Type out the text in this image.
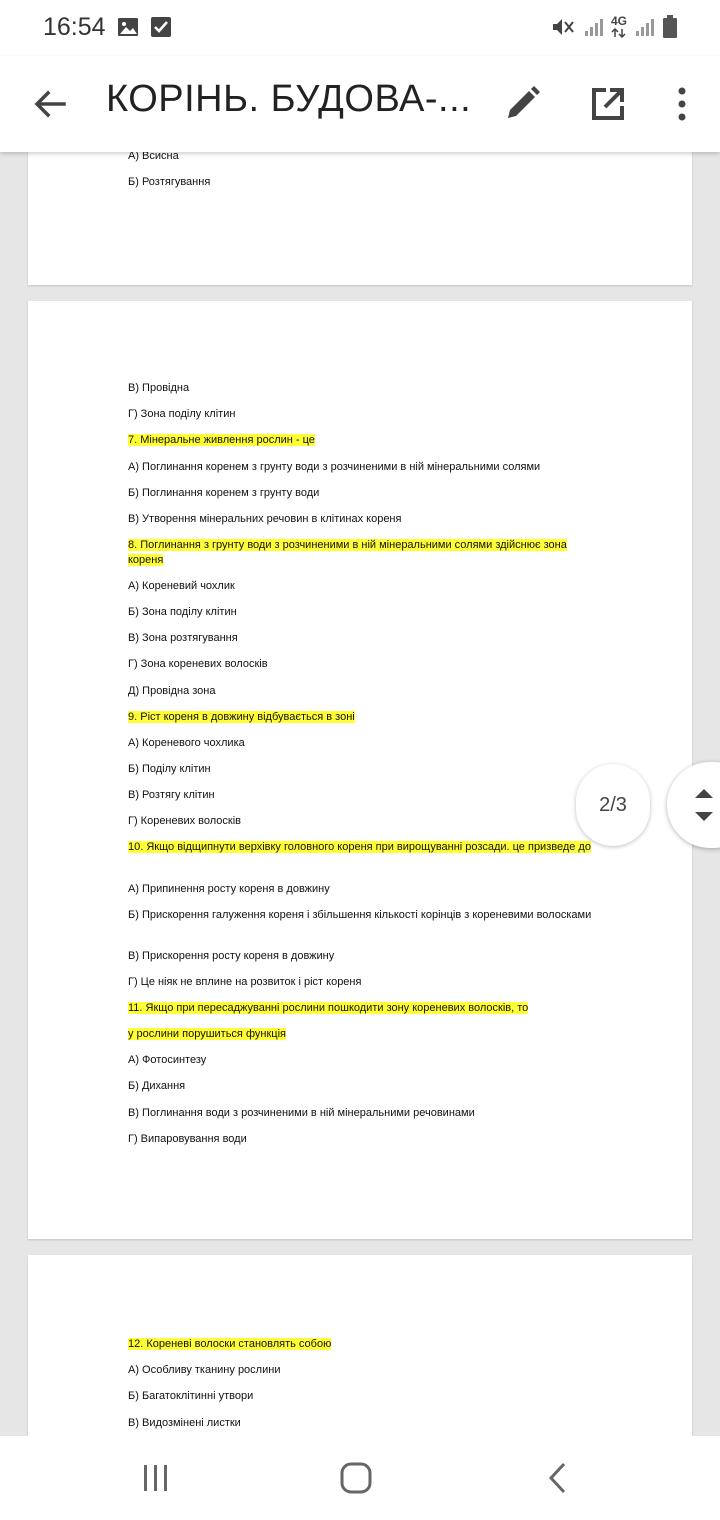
16:54	4G
КОРІНЬ. БУДОВА-...
А) Всисна
Б) Розтягування
В) Провідна
Г) Зона поділу клітин
7. Мінеральне живлення рослин - це
А) Поглинання коренем з грунту води з розчиненими в ній мінеральними солями
Б) Поглинання коренем з грунту води
В) Утворення мінеральних речовин в клітинах кореня
8. Поглинання з грунту води з розчиненими в ній мінеральними солями здійснює зона кореня
А) Кореневий чохлик
Б) Зона поділу клітин
В) Зона розтягування
Г) Зона кореневих волосків
Д) Провідна зона
9. Ріст кореня в довжину відбувається в зоні
А) Кореневого чохлика
Б) Поділу клітин
В) Розтягу клітин
Г) Кореневих волосків
10. Якщо відщипнути верхівку головного кореня при вирощуванні розсади. це призведе до
А) Припинення росту кореня в довжину
Б) Прискорення галуження кореня і збільшення кількості корінців з кореневими волосками
В) Прискорення росту кореня в довжину
Г) Це ніяк не вплине на розвиток і ріст кореня
11. Якщо при пересаджуванні рослини пошкодити зону кореневих волосків, то
у рослини порушиться функція
А) Фотосинтезу
Б) Дихання
В) Поглинання води з розчиненими в ній мінеральними речовинами
Г) Випаровування води
12. Кореневі волоски становлять собою
А) Особливу тканину рослини
Б) Багатоклітинні утвори
В) Видозмінені листки
2/3
